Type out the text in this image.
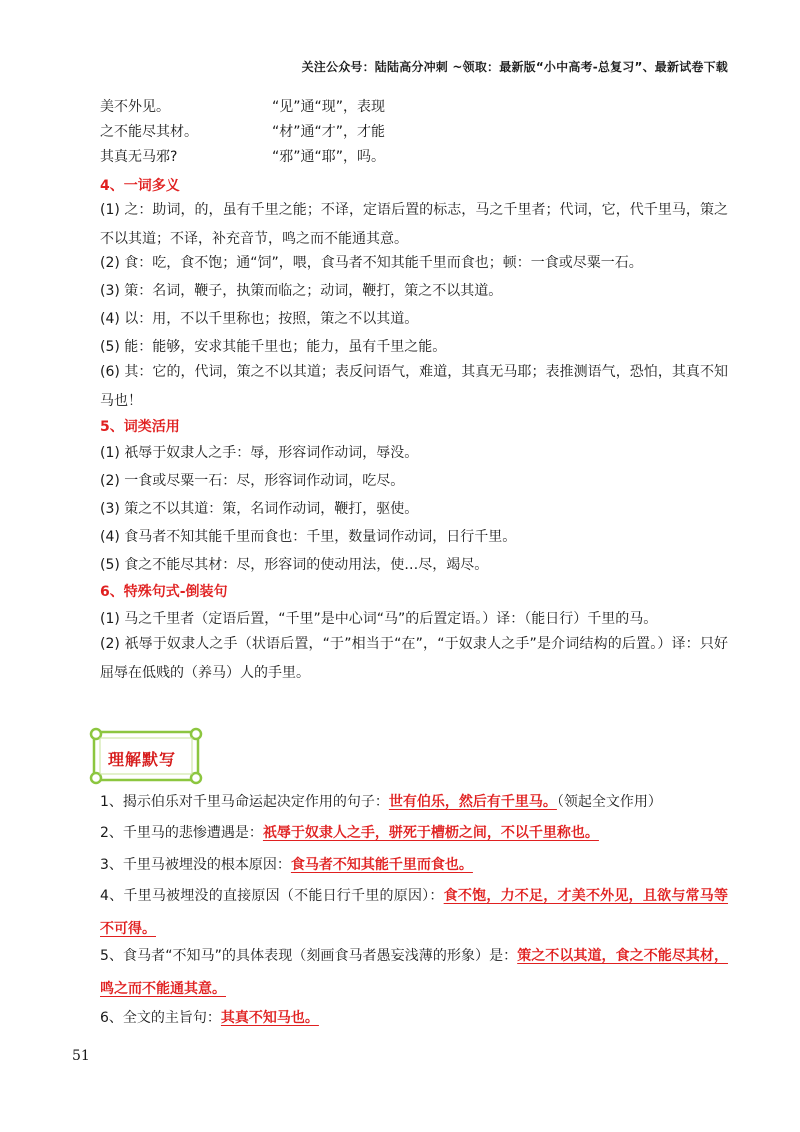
关注公众号：陆陆高分冲刺 ~领取：最新版“小中高考-总复习”、最新试卷下载
美不外见。	“见”通“现”，表现
之不能尽其材。	“材”通“才”，才能
其真无马邪?	“邪”通“耶”，吗。
4、一词多义
(1) 之：助词，的，虽有千里之能；不译，定语后置的标志，马之千里者；代词，它，代千里马，策之不以其道；不译，补充音节，鸣之而不能通其意。
(2) 食：吃，食不饱；通“饲”，喂，食马者不知其能千里而食也；顿：一食或尽粟一石。
(3) 策：名词，鞭子，执策而临之；动词，鞭打，策之不以其道。
(4) 以：用，不以千里称也；按照，策之不以其道。
(5) 能：能够，安求其能千里也；能力，虽有千里之能。
(6) 其：它的，代词，策之不以其道；表反问语气，难道，其真无马耶；表推测语气，恐怕，其真不知马也！
5、词类活用
(1) 祇辱于奴隶人之手：辱，形容词作动词，辱没。
(2) 一食或尽粟一石：尽，形容词作动词，吃尽。
(3) 策之不以其道：策，名词作动词，鞭打，驱使。
(4) 食马者不知其能千里而食也：千里，数量词作动词，日行千里。
(5) 食之不能尽其材：尽，形容词的使动用法，使…尽，竭尽。
6、特殊句式-倒装句
(1) 马之千里者（定语后置，“千里”是中心词“马”的后置定语。）译：（能日行）千里的马。
(2) 祇辱于奴隶人之手（状语后置，“于”相当于“在”，“于奴隶人之手”是介词结构的后置。）译：只好屈辱在低贱的（养马）人的手里。
理解默写
1、揭示伯乐对千里马命运起决定作用的句子：世有伯乐，然后有千里马。（领起全文作用）
2、千里马的悲惨遭遇是：祇辱于奴隶人之手，骈死于槽枥之间，不以千里称也。
3、千里马被埋没的根本原因：食马者不知其能千里而食也。
4、千里马被埋没的直接原因（不能日行千里的原因）：食不饱，力不足，才美不外见，且欲与常马等不可得。
5、食马者“不知马”的具体表现（刻画食马者愚妄浅薄的形象）是：策之不以其道，食之不能尽其材，鸣之而不能通其意。
6、全文的主旨句：其真不知马也。
51
